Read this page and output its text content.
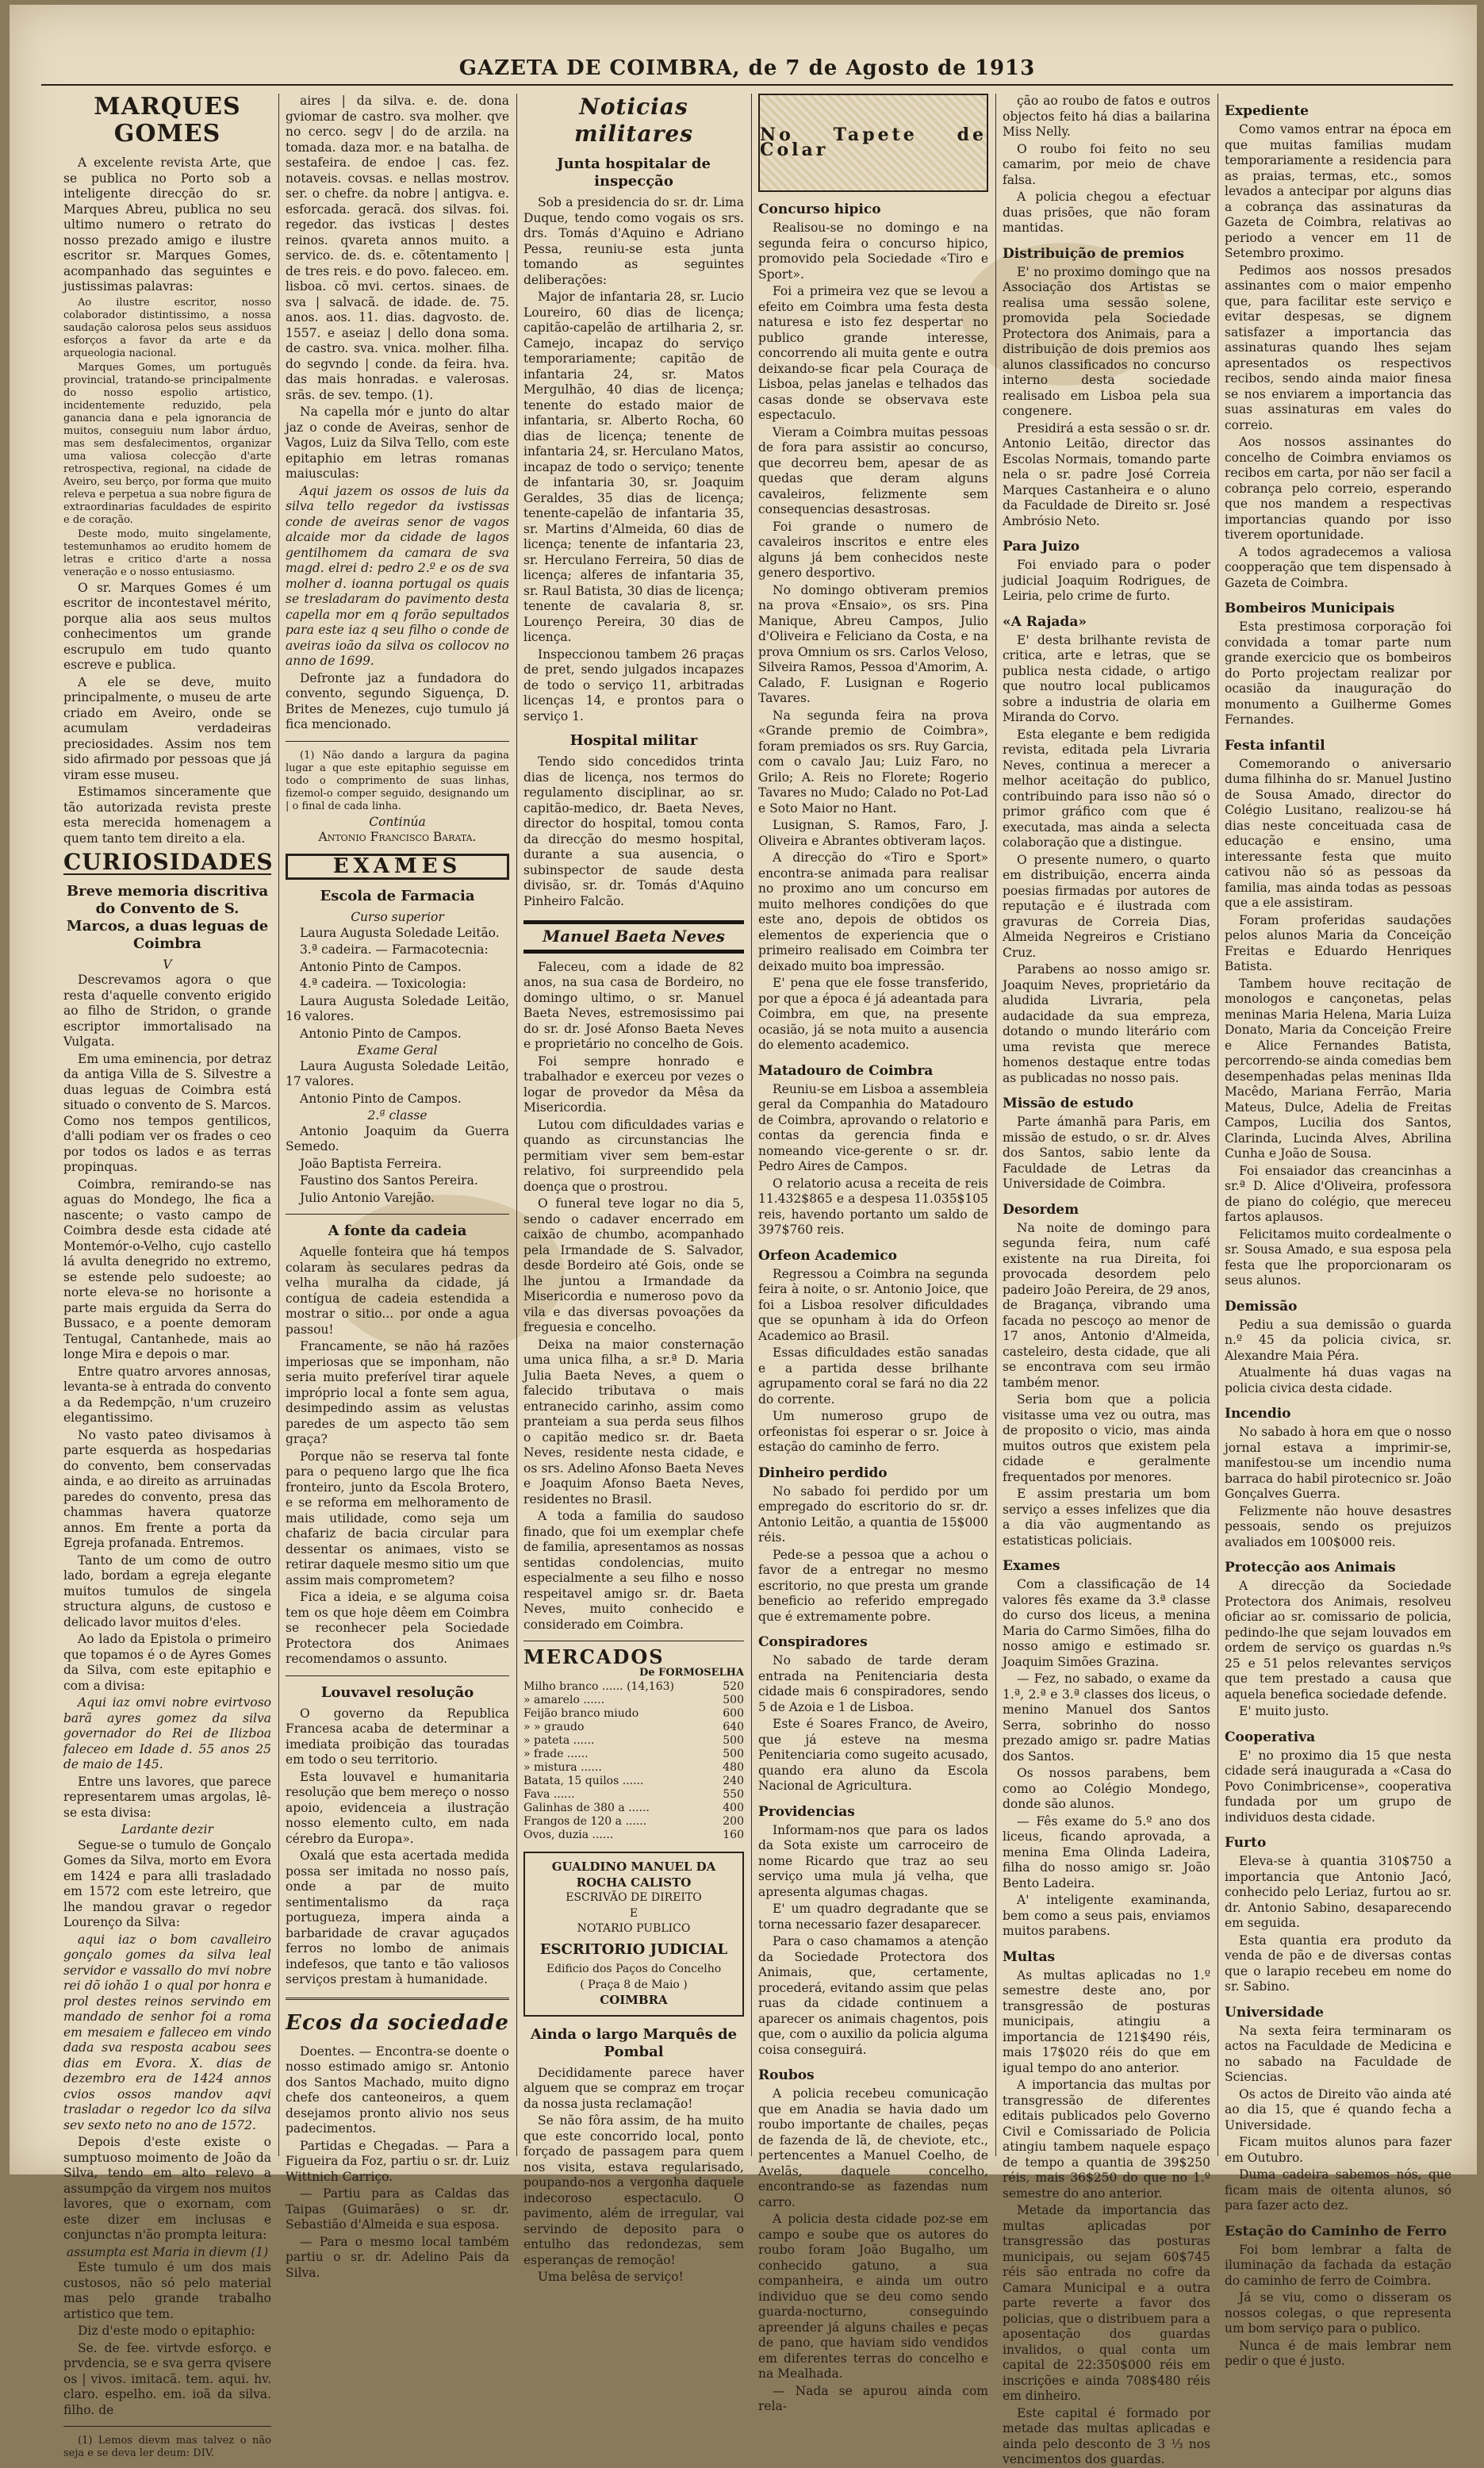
GAZETA DE COIMBRA, de 7 de Agosto de 1913
MARQUES GOMES

A excelente revista Arte, que se publica no Porto sob a inteligente direcção do sr. Marques Abreu, publica no seu ultimo numero o retrato do nosso prezado amigo e ilustre escritor sr. Marques Gomes, acompanhado das seguintes e justissimas palavras:

Ao ilustre escritor, nosso colaborador distintissimo, a nossa saudação calorosa pelos seus assiduos esforços a favor da arte e da arqueologia nacional.

Marques Gomes, um português provincial, tratando-se principalmente do nosso espolio artistico, incidentemente reduzido, pela ganancia dana e pela ignorancia de muitos, conseguiu num labor árduo, mas sem desfalecimentos, organizar uma valiosa colecção d'arte retrospectiva, regional, na cidade de Aveiro, seu berço, por forma que muito releva e perpetua a sua nobre figura de extraordinarias faculdades de espirito e de coração.

Deste modo, muito singelamente, testemunhamos ao erudito homem de letras e critico d'arte a nossa veneração e o nosso entusiasmo.

O sr. Marques Gomes é um escritor de incontestavel mérito, porque alia aos seus multos conhecimentos um grande escrupulo em tudo quanto escreve e publica.

A ele se deve, muito principalmente, o museu de arte criado em Aveiro, onde se acumulam verdadeiras preciosidades. Assim nos tem sido afirmado por pessoas que já viram esse museu.

Estimamos sinceramente que tão autorizada revista preste esta merecida homenagem a quem tanto tem direito a ela.

CURIOSIDADES
Breve memoria discritiva do Convento de S. Marcos, a duas leguas de Coimbra
V

Descrevamos agora o que resta d'aquelle convento erigido ao filho de Stridon, o grande escriptor immortalisado na Vulgata.

Em uma eminencia, por detraz da antiga Villa de S. Silvestre a duas leguas de Coimbra está situado o convento de S. Marcos. Como nos tempos gentilicos, d'alli podiam ver os frades o ceo por todos os lados e as terras propinquas.

Coimbra, remirando-se nas aguas do Mondego, lhe fica a nascente; o vasto campo de Coimbra desde esta cidade até Montemór-o-Velho, cujo castello lá avulta denegrido no extremo, se estende pelo sudoeste; ao norte eleva-se no horisonte a parte mais erguida da Serra do Bussaco, e a poente demoram Tentugal, Cantanhede, mais ao longe Mira e depois o mar.

Entre quatro arvores annosas, levanta-se à entrada do convento a da Redempção, n'um cruzeiro elegantissimo.

No vasto pateo divisamos à parte esquerda as hospedarias do convento, bem conservadas ainda, e ao direito as arruinadas paredes do convento, presa das chammas havera quatorze annos. Em frente a porta da Egreja profanada. Entremos.

Tanto de um como de outro lado, bordam a egreja elegante muitos tumulos de singela structura alguns, de custoso e delicado lavor muitos d'eles.

Ao lado da Epistola o primeiro que topamos é o de Ayres Gomes da Silva, com este epitaphio e com a divisa:

Aqui iaz omvi nobre evirtvoso barã ayres gomez da silva governador do Rei de Ilizboa faleceo em Idade d. 55 anos 25 de maio de 145.

Entre uns lavores, que parece representarem umas argolas, lê-se esta divisa:

Lardante dezir

Segue-se o tumulo de Gonçalo Gomes da Silva, morto em Evora em 1424 e para alli trasladado em 1572 com este letreiro, que lhe mandou gravar o regedor Lourenço da Silva:

aqui iaz o bom cavalleiro gonçalo gomes da silva leal servidor e vassallo do mvi nobre rei dõ iohão 1 o qual por honra e prol destes reinos servindo em mandado de senhor foi a roma em mesaiem e falleceo em vindo dada sva resposta acabou sees dias em Evora. X. dias de dezembro era de 1424 annos cvios ossos mandov aqvi trasladar o regedor lco da silva sev sexto neto no ano de 1572.

Depois d'este existe o sumptuoso moimento de João da Silva, tendo em alto relevo a assumpção da virgem nos muitos lavores, que o exornam, com este dizer em inclusas e conjunctas n'ão prompta leitura:

assumpta est Maria in dievm (1)

Este tumulo é um dos mais custosos, não só pelo material mas pelo grande trabalho artistico que tem.

Diz d'este modo o epitaphio:

Se. de fee. virtvde esforço. e prvdencia, se e sva gerra qvisere os | vivos. imitacã. tem. aqui. hv. claro. espelho. em. ioã da silva. filho. de

(1) Lemos dievm mas talvez o não seja e se deva ler deum: DIV.

aires | da silva. e. de. dona gviomar de castro. sva molher. qve no cerco. segv | do de arzila. na tomada. daza mor. e na batalha. de sestafeira. de endoe | cas. fez. notaveis. covsas. e nellas mostrov. ser. o chefre. da nobre | antigva. e. esforcada. geracã. dos silvas. foi. regedor. das ivsticas | destes reinos. qvareta annos muito. a servico. de. ds. e. cõtentamento | de tres reis. e do povo. faleceo. em. lisboa. cõ mvi. certos. sinaes. de sva | salvacã. de idade. de. 75. anos. aos. 11. dias. dagvosto. de. 1557. e aseiaz | dello dona soma. de castro. sva. vnica. molher. filha. do segvndo | conde. da feira. hva. das mais honradas. e valerosas. srãs. de sev. tempo. (1).

Na capella mór e junto do altar jaz o conde de Aveiras, senhor de Vagos, Luiz da Silva Tello, com este epitaphio em letras romanas maiusculas:

Aqui jazem os ossos de luis da silva tello regedor da ivstissas conde de aveiras senor de vagos alcaide mor da cidade de lagos gentilhomem da camara de sva magd. elrei d: pedro 2.º e os de sva molher d. ioanna portugal os quais se tresladaram do pavimento desta capella mor em q forão sepultados para este iaz q seu filho o conde de aveiras ioão da silva os collocov no anno de 1699.

Defronte jaz a fundadora do convento, segundo Siguença, D. Brites de Menezes, cujo tumulo já fica mencionado.

(1) Não dando a largura da pagina lugar a que este epitaphio seguisse em todo o comprimento de suas linhas, fizemol-o comper seguido, designando um | o final de cada linha.

Continúa
Antonio Francisco Barata.
EXAMES
Escola de Farmacia
Curso superior

Laura Augusta Soledade Leitão.

3.ª cadeira. — Farmacotecnia:

Antonio Pinto de Campos.

4.ª cadeira. — Toxicologia:

Laura Augusta Soledade Leitão, 16 valores.

Antonio Pinto de Campos.

Exame Geral

Laura Augusta Soledade Leitão, 17 valores.

Antonio Pinto de Campos.

2.ª classe

Antonio Joaquim da Guerra Semedo.

João Baptista Ferreira.

Faustino dos Santos Pereira.

Julio Antonio Varejão.

A fonte da cadeia

Aquelle fonteira que há tempos colaram às seculares pedras da velha muralha da cidade, já contígua de cadeia estendida a mostrar o sitio... por onde a agua passou!

Francamente, se não há razões imperiosas que se imponham, não seria muito preferível tirar aquele impróprio local a fonte sem agua, desimpedindo assim as velustas paredes de um aspecto tão sem graça?

Porque não se reserva tal fonte para o pequeno largo que lhe fica fronteiro, junto da Escola Brotero, e se reforma em melhoramento de mais utilidade, como seja um chafariz de bacia circular para dessentar os animaes, visto se retirar daquele mesmo sitio um que assim mais comprometem?

Fica a ideia, e se alguma coisa tem os que hoje dêem em Coimbra se reconhecer pela Sociedade Protectora dos Animaes recomendamos o assunto.

Louvavel resolução

O governo da Republica Francesa acaba de determinar a imediata proibição das touradas em todo o seu territorio.

Esta louvavel e humanitaria resolução que bem mereço o nosso apoio, evidenceia a ilustração nosso elemento culto, em nada cérebro da Europa».

Oxalá que esta acertada medida possa ser imitada no nosso país, onde a par de muito sentimentalismo da raça portugueza, impera ainda a barbaridade de cravar aguçados ferros no lombo de animais indefesos, que tanto e tão valiosos serviços prestam à humanidade.

Ecos da sociedade

Doentes. — Encontra-se doente o nosso estimado amigo sr. Antonio dos Santos Machado, muito digno chefe dos canteoneiros, a quem desejamos pronto alivio nos seus padecimentos.

Partidas e Chegadas. — Para a Figueira da Foz, partiu o sr. dr. Luiz Wittnich Carriço.

— Partiu para as Caldas das Taipas (Guimarães) o sr. dr. Sebastião d'Almeida e sua esposa.

— Para o mesmo local também partiu o sr. dr. Adelino Pais da Silva.

Noticias militares
Junta hospitalar de inspecção

Sob a presidencia do sr. dr. Lima Duque, tendo como vogais os srs. drs. Tomás d'Aquino e Adriano Pessa, reuniu-se esta junta tomando as seguintes deliberações:

Major de infantaria 28, sr. Lucio Loureiro, 60 dias de licença; capitão-capelão de artilharia 2, sr. Camejo, incapaz do serviço temporariamente; capitão de infantaria 24, sr. Matos Mergulhão, 40 dias de licença; tenente do estado maior de infantaria, sr. Alberto Rocha, 60 dias de licença; tenente de infantaria 24, sr. Herculano Matos, incapaz de todo o serviço; tenente de infantaria 30, sr. Joaquim Geraldes, 35 dias de licença; tenente-capelão de infantaria 35, sr. Martins d'Almeida, 60 dias de licença; tenente de infantaria 23, sr. Herculano Ferreira, 50 dias de licença; alferes de infantaria 35, sr. Raul Batista, 30 dias de licença; tenente de cavalaria 8, sr. Lourenço Pereira, 30 dias de licença.

Inspeccionou tambem 26 praças de pret, sendo julgados incapazes de todo o serviço 11, arbitradas licenças 14, e prontos para o serviço 1.

Hospital militar

Tendo sido concedidos trinta dias de licença, nos termos do regulamento disciplinar, ao sr. capitão-medico, dr. Baeta Neves, director do hospital, tomou conta da direcção do mesmo hospital, durante a sua ausencia, o subinspector de saude desta divisão, sr. dr. Tomás d'Aquino Pinheiro Falcão.

Manuel Baeta Neves

Faleceu, com a idade de 82 anos, na sua casa de Bordeiro, no domingo ultimo, o sr. Manuel Baeta Neves, estremosissimo pai do sr. dr. José Afonso Baeta Neves e proprietário no concelho de Gois.

Foi sempre honrado e trabalhador e exerceu por vezes o logar de provedor da Mêsa da Misericordia.

Lutou com dificuldades varias e quando as circunstancias lhe permitiam viver sem bem-estar relativo, foi surpreendido pela doença que o prostrou.

O funeral teve logar no dia 5, sendo o cadaver encerrado em caixão de chumbo, acompanhado pela Irmandade de S. Salvador, desde Bordeiro até Gois, onde se lhe juntou a Irmandade da Misericordia e numeroso povo da vila e das diversas povoações da freguesia e concelho.

Deixa na maior consternação uma unica filha, a sr.ª D. Maria Julia Baeta Neves, a quem o falecido tributava o mais entranecido carinho, assim como pranteiam a sua perda seus filhos o capitão medico sr. dr. Baeta Neves, residente nesta cidade, e os srs. Adelino Afonso Baeta Neves e Joaquim Afonso Baeta Neves, residentes no Brasil.

A toda a familia do saudoso finado, que foi um exemplar chefe de familia, apresentamos as nossas sentidas condolencias, muito especialmente a seu filho e nosso respeitavel amigo sr. dr. Baeta Neves, muito conhecido e considerado em Coimbra.

MERCADOS
De FORMOSELHA
Milho branco ...... (14,163)	520
» amarelo ......	500
Feijão branco miudo	600
» » graudo	640
» pateta ......	500
» frade ......	500
» mistura ......	480
Batata, 15 quilos ......	240
Fava ......	550
Galinhas de 380 a ......	400
Frangos de 120 a ......	200
Ovos, duzia ......	160
GUALDINO MANUEL DA ROCHA CALISTO
ESCRIVÃO DE DIREITO
E
NOTARIO PUBLICO
ESCRITORIO JUDICIAL
Edificio dos Paços do Concelho
( Praça 8 de Maio )
COIMBRA
Ainda o largo Marquês de Pombal

Decididamente parece haver alguem que se compraz em troçar da nossa justa reclamação!

Se não fôra assim, de ha muito que este concorrido local, ponto forçado de passagem para quem nos visita, estava regularisado, poupando-nos a vergonha daquele indecoroso espectaculo. O pavimento, além de irregular, vai servindo de deposito para o entulho das redondezas, sem esperanças de remoção!

Uma belêsa de serviço!

No Tapete de Colar
Concurso hipico

Realisou-se no domingo e na segunda feira o concurso hipico, promovido pela Sociedade «Tiro e Sport».

Foi a primeira vez que se levou a efeito em Coimbra uma festa desta naturesa e isto fez despertar no publico grande interesse, concorrendo ali muita gente e outra deixando-se ficar pela Couraça de Lisboa, pelas janelas e telhados das casas donde se observava este espectaculo.

Vieram a Coimbra muitas pessoas de fora para assistir ao concurso, que decorreu bem, apesar de as quedas que deram alguns cavaleiros, felizmente sem consequencias desastrosas.

Foi grande o numero de cavaleiros inscritos e entre eles alguns já bem conhecidos neste genero desportivo.

No domingo obtiveram premios na prova «Ensaio», os srs. Pina Manique, Abreu Campos, Julio d'Oliveira e Feliciano da Costa, e na prova Omnium os srs. Carlos Veloso, Silveira Ramos, Pessoa d'Amorim, A. Calado, F. Lusignan e Rogerio Tavares.

Na segunda feira na prova «Grande premio de Coimbra», foram premiados os srs. Ruy Garcia, com o cavalo Jau; Luiz Faro, no Grilo; A. Reis no Florete; Rogerio Tavares no Mudo; Calado no Pot-Lad e Soto Maior no Hant.

Lusignan, S. Ramos, Faro, J. Oliveira e Abrantes obtiveram laços.

A direcção do «Tiro e Sport» encontra-se animada para realisar no proximo ano um concurso em muito melhores condições do que este ano, depois de obtidos os elementos de experiencia que o primeiro realisado em Coimbra ter deixado muito boa impressão.

E' pena que ele fosse transferido, por que a época é já adeantada para Coimbra, em que, na presente ocasião, já se nota muito a ausencia do elemento academico.

Matadouro de Coimbra

Reuniu-se em Lisboa a assembleia geral da Companhia do Matadouro de Coimbra, aprovando o relatorio e contas da gerencia finda e nomeando vice-gerente o sr. dr. Pedro Aires de Campos.

O relatorio acusa a receita de reis 11.432$865 e a despesa 11.035$105 reis, havendo portanto um saldo de 397$760 reis.

Orfeon Academico

Regressou a Coimbra na segunda feira à noite, o sr. Antonio Joice, que foi a Lisboa resolver dificuldades que se opunham à ida do Orfeon Academico ao Brasil.

Essas dificuldades estão sanadas e a partida desse brilhante agrupamento coral se fará no dia 22 do corrente.

Um numeroso grupo de orfeonistas foi esperar o sr. Joice à estação do caminho de ferro.

Dinheiro perdido

No sabado foi perdido por um empregado do escritorio do sr. dr. Antonio Leitão, a quantia de 15$000 réis.

Pede-se a pessoa que a achou o favor de a entregar no mesmo escritorio, no que presta um grande beneficio ao referido empregado que é extremamente pobre.

Conspiradores

No sabado de tarde deram entrada na Penitenciaria desta cidade mais 6 conspiradores, sendo 5 de Azoia e 1 de Lisboa.

Este é Soares Franco, de Aveiro, que já esteve na mesma Penitenciaria como sugeito acusado, quando era aluno da Escola Nacional de Agricultura.

Providencias

Informam-nos que para os lados da Sota existe um carroceiro de nome Ricardo que traz ao seu serviço uma mula já velha, que apresenta algumas chagas.

E' um quadro degradante que se torna necessario fazer desaparecer.

Para o caso chamamos a atenção da Sociedade Protectora dos Animais, que, certamente, procederá, evitando assim que pelas ruas da cidade continuem a aparecer os animais chagentos, pois que, com o auxilio da policia alguma coisa conseguirá.

Roubos

A policia recebeu comunicação que em Anadia se havia dado um roubo importante de chailes, peças de fazenda de lã, de cheviote, etc., pertencentes a Manuel Coelho, de Avelãs, daquele concelho, encontrando-se as fazendas num carro.

A policia desta cidade poz-se em campo e soube que os autores do roubo foram João Bugalho, um conhecido gatuno, a sua companheira, e ainda um outro individuo que se deu como sendo guarda-nocturno, conseguindo apreender já alguns chailes e peças de pano, que haviam sido vendidos em diferentes terras do concelho e na Mealhada.

— Nada se apurou ainda com rela-

ção ao roubo de fatos e outros objectos feito há dias a bailarina Miss Nelly.

O roubo foi feito no seu camarim, por meio de chave falsa.

A policia chegou a efectuar duas prisões, que não foram mantidas.

Distribuição de premios

E' no proximo domingo que na Associação dos Artistas se realisa uma sessão solene, promovida pela Sociedade Protectora dos Animais, para a distribuição de dois premios aos alunos classificados no concurso interno desta sociedade realisado em Lisboa pela sua congenere.

Presidirá a esta sessão o sr. dr. Antonio Leitão, director das Escolas Normais, tomando parte nela o sr. padre José Correia Marques Castanheira e o aluno da Faculdade de Direito sr. José Ambrósio Neto.

Para Juizo

Foi enviado para o poder judicial Joaquim Rodrigues, de Leiria, pelo crime de furto.

«A Rajada»

E' desta brilhante revista de critica, arte e letras, que se publica nesta cidade, o artigo que noutro local publicamos sobre a industria de olaria em Miranda do Corvo.

Esta elegante e bem redigida revista, editada pela Livraria Neves, continua a merecer a melhor aceitação do publico, contribuindo para isso não só o primor gráfico com que é executada, mas ainda a selecta colaboração que a distingue.

O presente numero, o quarto em distribuição, encerra ainda poesias firmadas por autores de reputação e é ilustrada com gravuras de Correia Dias, Almeida Negreiros e Cristiano Cruz.

Parabens ao nosso amigo sr. Joaquim Neves, proprietário da aludida Livraria, pela audacidade da sua empreza, dotando o mundo literário com uma revista que merece homenos destaque entre todas as publicadas no nosso pais.

Missão de estudo

Parte ámanhã para Paris, em missão de estudo, o sr. dr. Alves dos Santos, sabio lente da Faculdade de Letras da Universidade de Coimbra.

Desordem

Na noite de domingo para segunda feira, num café existente na rua Direita, foi provocada desordem pelo padeiro João Pereira, de 29 anos, de Bragança, vibrando uma facada no pescoço ao menor de 17 anos, Antonio d'Almeida, casteleiro, desta cidade, que ali se encontrava com seu irmão também menor.

Seria bom que a policia visitasse uma vez ou outra, mas de proposito o vicio, mas ainda muitos outros que existem pela cidade e geralmente frequentados por menores.

E assim prestaria um bom serviço a esses infelizes que dia a dia vão augmentando as estatisticas policiais.

Exames

Com a classificação de 14 valores fês exame da 3.ª classe do curso dos liceus, a menina Maria do Carmo Simões, filha do nosso amigo e estimado sr. Joaquim Simões Grazina.

— Fez, no sabado, o exame da 1.ª, 2.ª e 3.ª classes dos liceus, o menino Manuel dos Santos Serra, sobrinho do nosso prezado amigo sr. padre Matias dos Santos.

Os nossos parabens, bem como ao Colégio Mondego, donde são alunos.

— Fês exame do 5.º ano dos liceus, ficando aprovada, a menina Ema Olinda Ladeira, filha do nosso amigo sr. João Bento Ladeira.

A' inteligente examinanda, bem como a seus pais, enviamos muitos parabens.

Multas

As multas aplicadas no 1.º semestre deste ano, por transgressão de posturas municipais, atingiu a importancia de 121$490 réis, mais 17$020 réis do que em igual tempo do ano anterior.

A importancia das multas por transgressão de diferentes editais publicados pelo Governo Civil e Comissariado de Policia atingiu tambem naquele espaço de tempo a quantia de 39$250 réis, mais 36$250 do que no 1.º semestre do ano anterior.

Metade da importancia das multas aplicadas por transgressão das posturas municipais, ou sejam 60$745 réis são entrada no cofre da Camara Municipal e a outra parte reverte a favor dos policias, que o distribuem para a aposentação dos guardas invalidos, o qual conta um capital de 22:350$000 réis em inscrições e ainda 708$480 réis em dinheiro.

Este capital é formado por metade das multas aplicadas e ainda pelo desconto de 3 ⅓ nos vencimentos dos guardas.

Expediente

Como vamos entrar na época em que muitas familias mudam temporariamente a residencia para as praias, termas, etc., somos levados a antecipar por alguns dias a cobrança das assinaturas da Gazeta de Coimbra, relativas ao periodo a vencer em 11 de Setembro proximo.

Pedimos aos nossos presados assinantes com o maior empenho que, para facilitar este serviço e evitar despesas, se dignem satisfazer a importancia das assinaturas quando lhes sejam apresentados os respectivos recibos, sendo ainda maior finesa se nos enviarem a importancia das suas assinaturas em vales do correio.

Aos nossos assinantes do concelho de Coimbra enviamos os recibos em carta, por não ser facil a cobrança pelo correio, esperando que nos mandem a respectivas importancias quando por isso tiverem oportunidade.

A todos agradecemos a valiosa coopperação que tem dispensado à Gazeta de Coimbra.

Bombeiros Municipais

Esta prestimosa corporação foi convidada a tomar parte num grande exercicio que os bombeiros do Porto projectam realizar por ocasião da inauguração do monumento a Guilherme Gomes Fernandes.

Festa infantil

Comemorando o aniversario duma filhinha do sr. Manuel Justino de Sousa Amado, director do Colégio Lusitano, realizou-se há dias neste conceituada casa de educação e ensino, uma interessante festa que muito cativou não só as pessoas da familia, mas ainda todas as pessoas que a ele assistiram.

Foram proferidas saudações pelos alunos Maria da Conceição Freitas e Eduardo Henriques Batista.

Tambem houve recitação de monologos e cançonetas, pelas meninas Maria Helena, Maria Luiza Donato, Maria da Conceição Freire e Alice Fernandes Batista, percorrendo-se ainda comedias bem desempenhadas pelas meninas Ilda Macêdo, Mariana Ferrão, Maria Mateus, Dulce, Adelia de Freitas Campos, Lucilia dos Santos, Clarinda, Lucinda Alves, Abrilina Cunha e João de Sousa.

Foi ensaiador das creancinhas a sr.ª D. Alice d'Oliveira, professora de piano do colégio, que mereceu fartos aplausos.

Felicitamos muito cordealmente o sr. Sousa Amado, e sua esposa pela festa que lhe proporcionaram os seus alunos.

Demissão

Pediu a sua demissão o guarda n.º 45 da policia civica, sr. Alexandre Maia Péra.

Atualmente há duas vagas na policia civica desta cidade.

Incendio

No sabado à hora em que o nosso jornal estava a imprimir-se, manifestou-se um incendio numa barraca do habil pirotecnico sr. João Gonçalves Guerra.

Felizmente não houve desastres pessoais, sendo os prejuizos avaliados em 100$000 reis.

Protecção aos Animais

A direcção da Sociedade Protectora dos Animais, resolveu oficiar ao sr. comissario de policia, pedindo-lhe que sejam louvados em ordem de serviço os guardas n.ºs 25 e 51 pelos relevantes serviços que tem prestado a causa que aquela benefica sociedade defende.

E' muito justo.

Cooperativa

E' no proximo dia 15 que nesta cidade será inaugurada a «Casa do Povo Conimbricense», cooperativa fundada por um grupo de individuos desta cidade.

Furto

Eleva-se à quantia 310$750 a importancia que Antonio Jacó, conhecido pelo Leriaz, furtou ao sr. dr. Antonio Sabino, desaparecendo em seguida.

Esta quantia era produto da venda de pão e de diversas contas que o larapio recebeu em nome do sr. Sabino.

Universidade

Na sexta feira terminaram os actos na Faculdade de Medicina e no sabado na Faculdade de Sciencias.

Os actos de Direito vão ainda até ao dia 15, que é quando fecha a Universidade.

Ficam muitos alunos para fazer em Outubro.

Duma cadeira sabemos nós, que ficam mais de oitenta alunos, só para fazer acto dez.

Estação do Caminho de Ferro

Foi bom lembrar a falta de iluminação da fachada da estação do caminho de ferro de Coimbra.

Já se viu, como o disseram os nossos colegas, o que representa um bom serviço para o publico.

Nunca é de mais lembrar nem pedir o que é justo.
